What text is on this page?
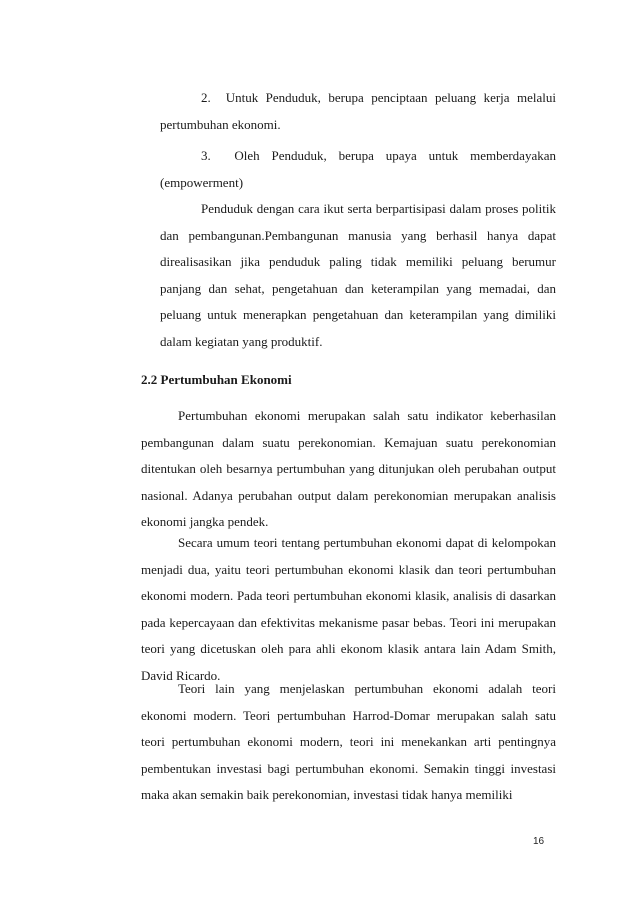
2. Untuk Penduduk, berupa penciptaan peluang kerja melalui pertumbuhan ekonomi.

3. Oleh Penduduk, berupa upaya untuk memberdayakan (empowerment)

Penduduk dengan cara ikut serta berpartisipasi dalam proses politik dan pembangunan.Pembangunan manusia yang berhasil hanya dapat direalisasikan jika penduduk paling tidak memiliki peluang berumur panjang dan sehat, pengetahuan dan keterampilan yang memadai, dan peluang untuk menerapkan pengetahuan dan keterampilan yang dimiliki dalam kegiatan yang produktif.

2.2 Pertumbuhan Ekonomi

Pertumbuhan ekonomi merupakan salah satu indikator keberhasilan pembangunan dalam suatu perekonomian. Kemajuan suatu perekonomian ditentukan oleh besarnya pertumbuhan yang ditunjukan oleh perubahan output nasional. Adanya perubahan output dalam perekonomian merupakan analisis ekonomi jangka pendek.

Secara umum teori tentang pertumbuhan ekonomi dapat di kelompokan menjadi dua, yaitu teori pertumbuhan ekonomi klasik dan teori pertumbuhan ekonomi modern. Pada teori pertumbuhan ekonomi klasik, analisis di dasarkan pada kepercayaan dan efektivitas mekanisme pasar bebas. Teori ini merupakan teori yang dicetuskan oleh para ahli ekonom klasik antara lain Adam Smith, David Ricardo.

Teori lain yang menjelaskan pertumbuhan ekonomi adalah teori ekonomi modern. Teori pertumbuhan Harrod-Domar merupakan salah satu teori pertumbuhan ekonomi modern, teori ini menekankan arti pentingnya pembentukan investasi bagi pertumbuhan ekonomi. Semakin tinggi investasi maka akan semakin baik perekonomian, investasi tidak hanya memiliki

16
